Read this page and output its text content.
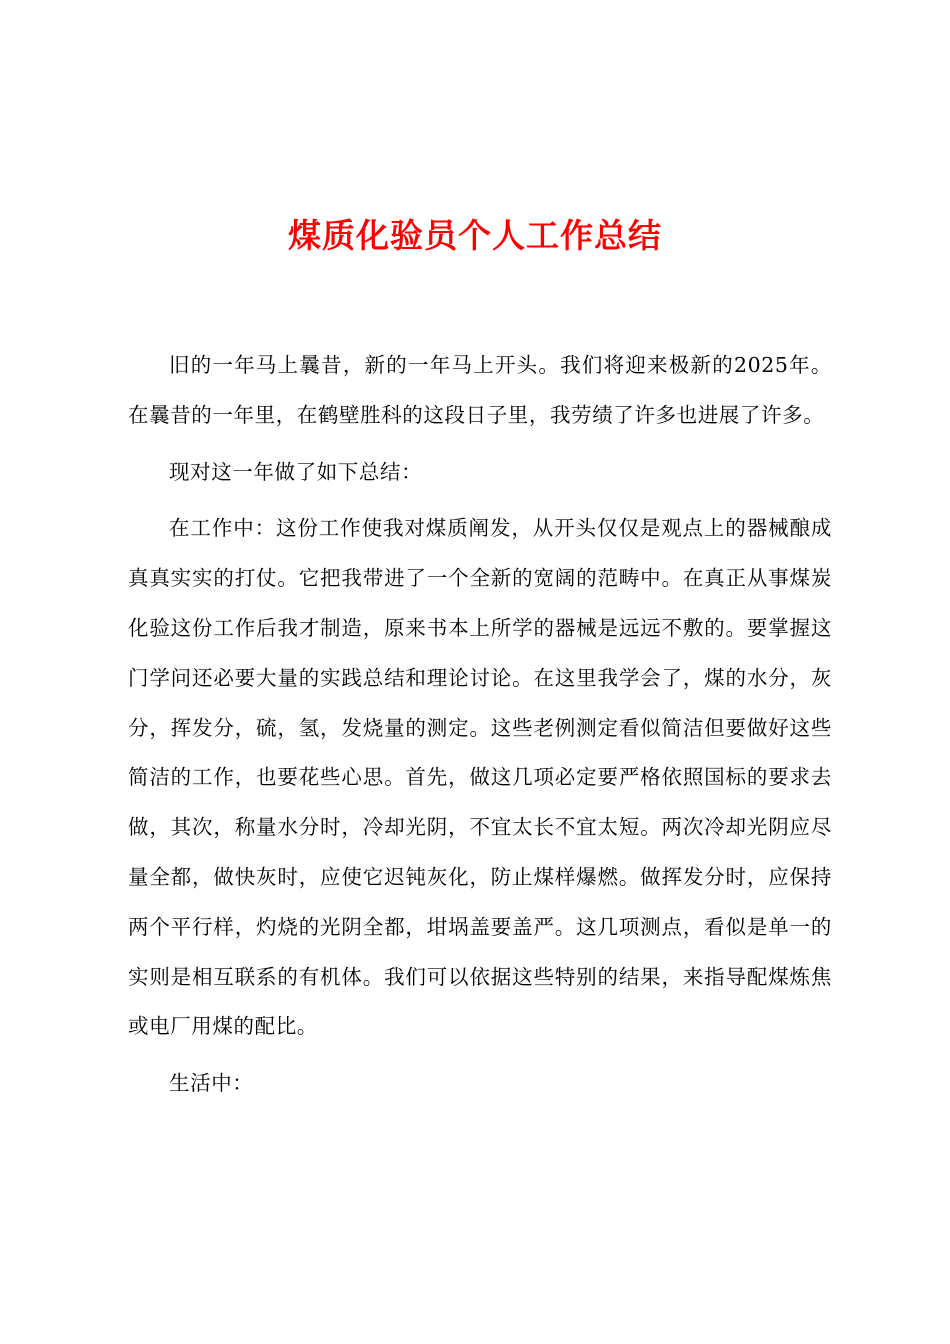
煤质化验员个人工作总结

旧的一年马上曩昔，新的一年马上开头。我们将迎来极新的2025年。在曩昔的一年里，在鹤壁胜科的这段日子里，我劳绩了许多也进展了许多。

现对这一年做了如下总结：

在工作中：这份工作使我对煤质阐发，从开头仅仅是观点上的器械酿成真真实实的打仗。它把我带进了一个全新的宽阔的范畴中。在真正从事煤炭化验这份工作后我才制造，原来书本上所学的器械是远远不敷的。要掌握这门学问还必要大量的实践总结和理论讨论。在这里我学会了，煤的水分，灰分，挥发分，硫，氢，发烧量的测定。这些老例测定看似简洁但要做好这些简洁的工作，也要花些心思。首先，做这几项必定要严格依照国标的要求去做，其次，称量水分时，冷却光阴，不宜太长不宜太短。两次冷却光阴应尽量全都，做快灰时，应使它迟钝灰化，防止煤样爆燃。做挥发分时，应保持两个平行样，灼烧的光阴全都，坩埚盖要盖严。这几项测点，看似是单一的实则是相互联系的有机体。我们可以依据这些特别的结果，来指导配煤炼焦或电厂用煤的配比。

生活中：
